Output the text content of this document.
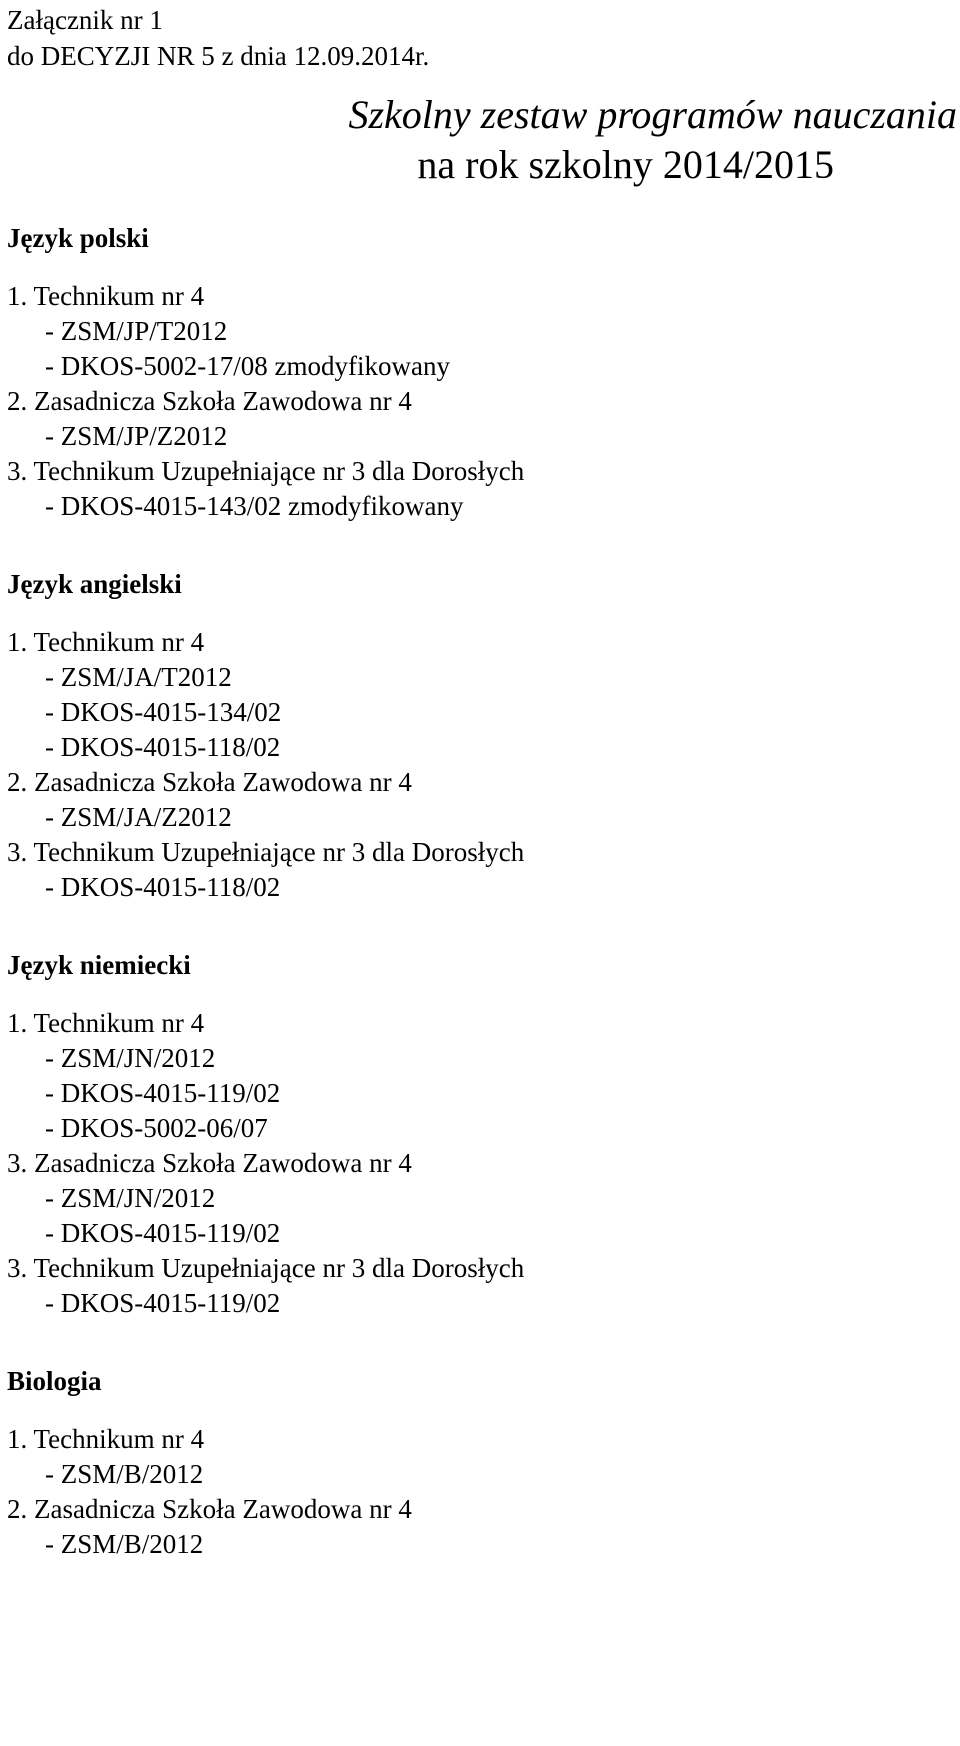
Załącznik nr 1
do DECYZJI NR 5 z dnia 12.09.2014r.
Szkolny zestaw programów nauczania
na rok szkolny 2014/2015
Język polski
1. Technikum nr 4
- ZSM/JP/T2012
- DKOS-5002-17/08 zmodyfikowany
2. Zasadnicza Szkoła Zawodowa nr 4
- ZSM/JP/Z2012
3. Technikum Uzupełniające nr 3 dla Dorosłych
- DKOS-4015-143/02 zmodyfikowany
Język angielski
1. Technikum nr 4
- ZSM/JA/T2012
- DKOS-4015-134/02
- DKOS-4015-118/02
2. Zasadnicza Szkoła Zawodowa nr 4
- ZSM/JA/Z2012
3. Technikum Uzupełniające nr 3 dla Dorosłych
- DKOS-4015-118/02
Język niemiecki
1. Technikum nr 4
- ZSM/JN/2012
- DKOS-4015-119/02
- DKOS-5002-06/07
3. Zasadnicza Szkoła Zawodowa nr 4
- ZSM/JN/2012
- DKOS-4015-119/02
3. Technikum Uzupełniające nr 3 dla Dorosłych
- DKOS-4015-119/02
Biologia
1. Technikum nr 4
- ZSM/B/2012
2. Zasadnicza Szkoła Zawodowa nr 4
- ZSM/B/2012
